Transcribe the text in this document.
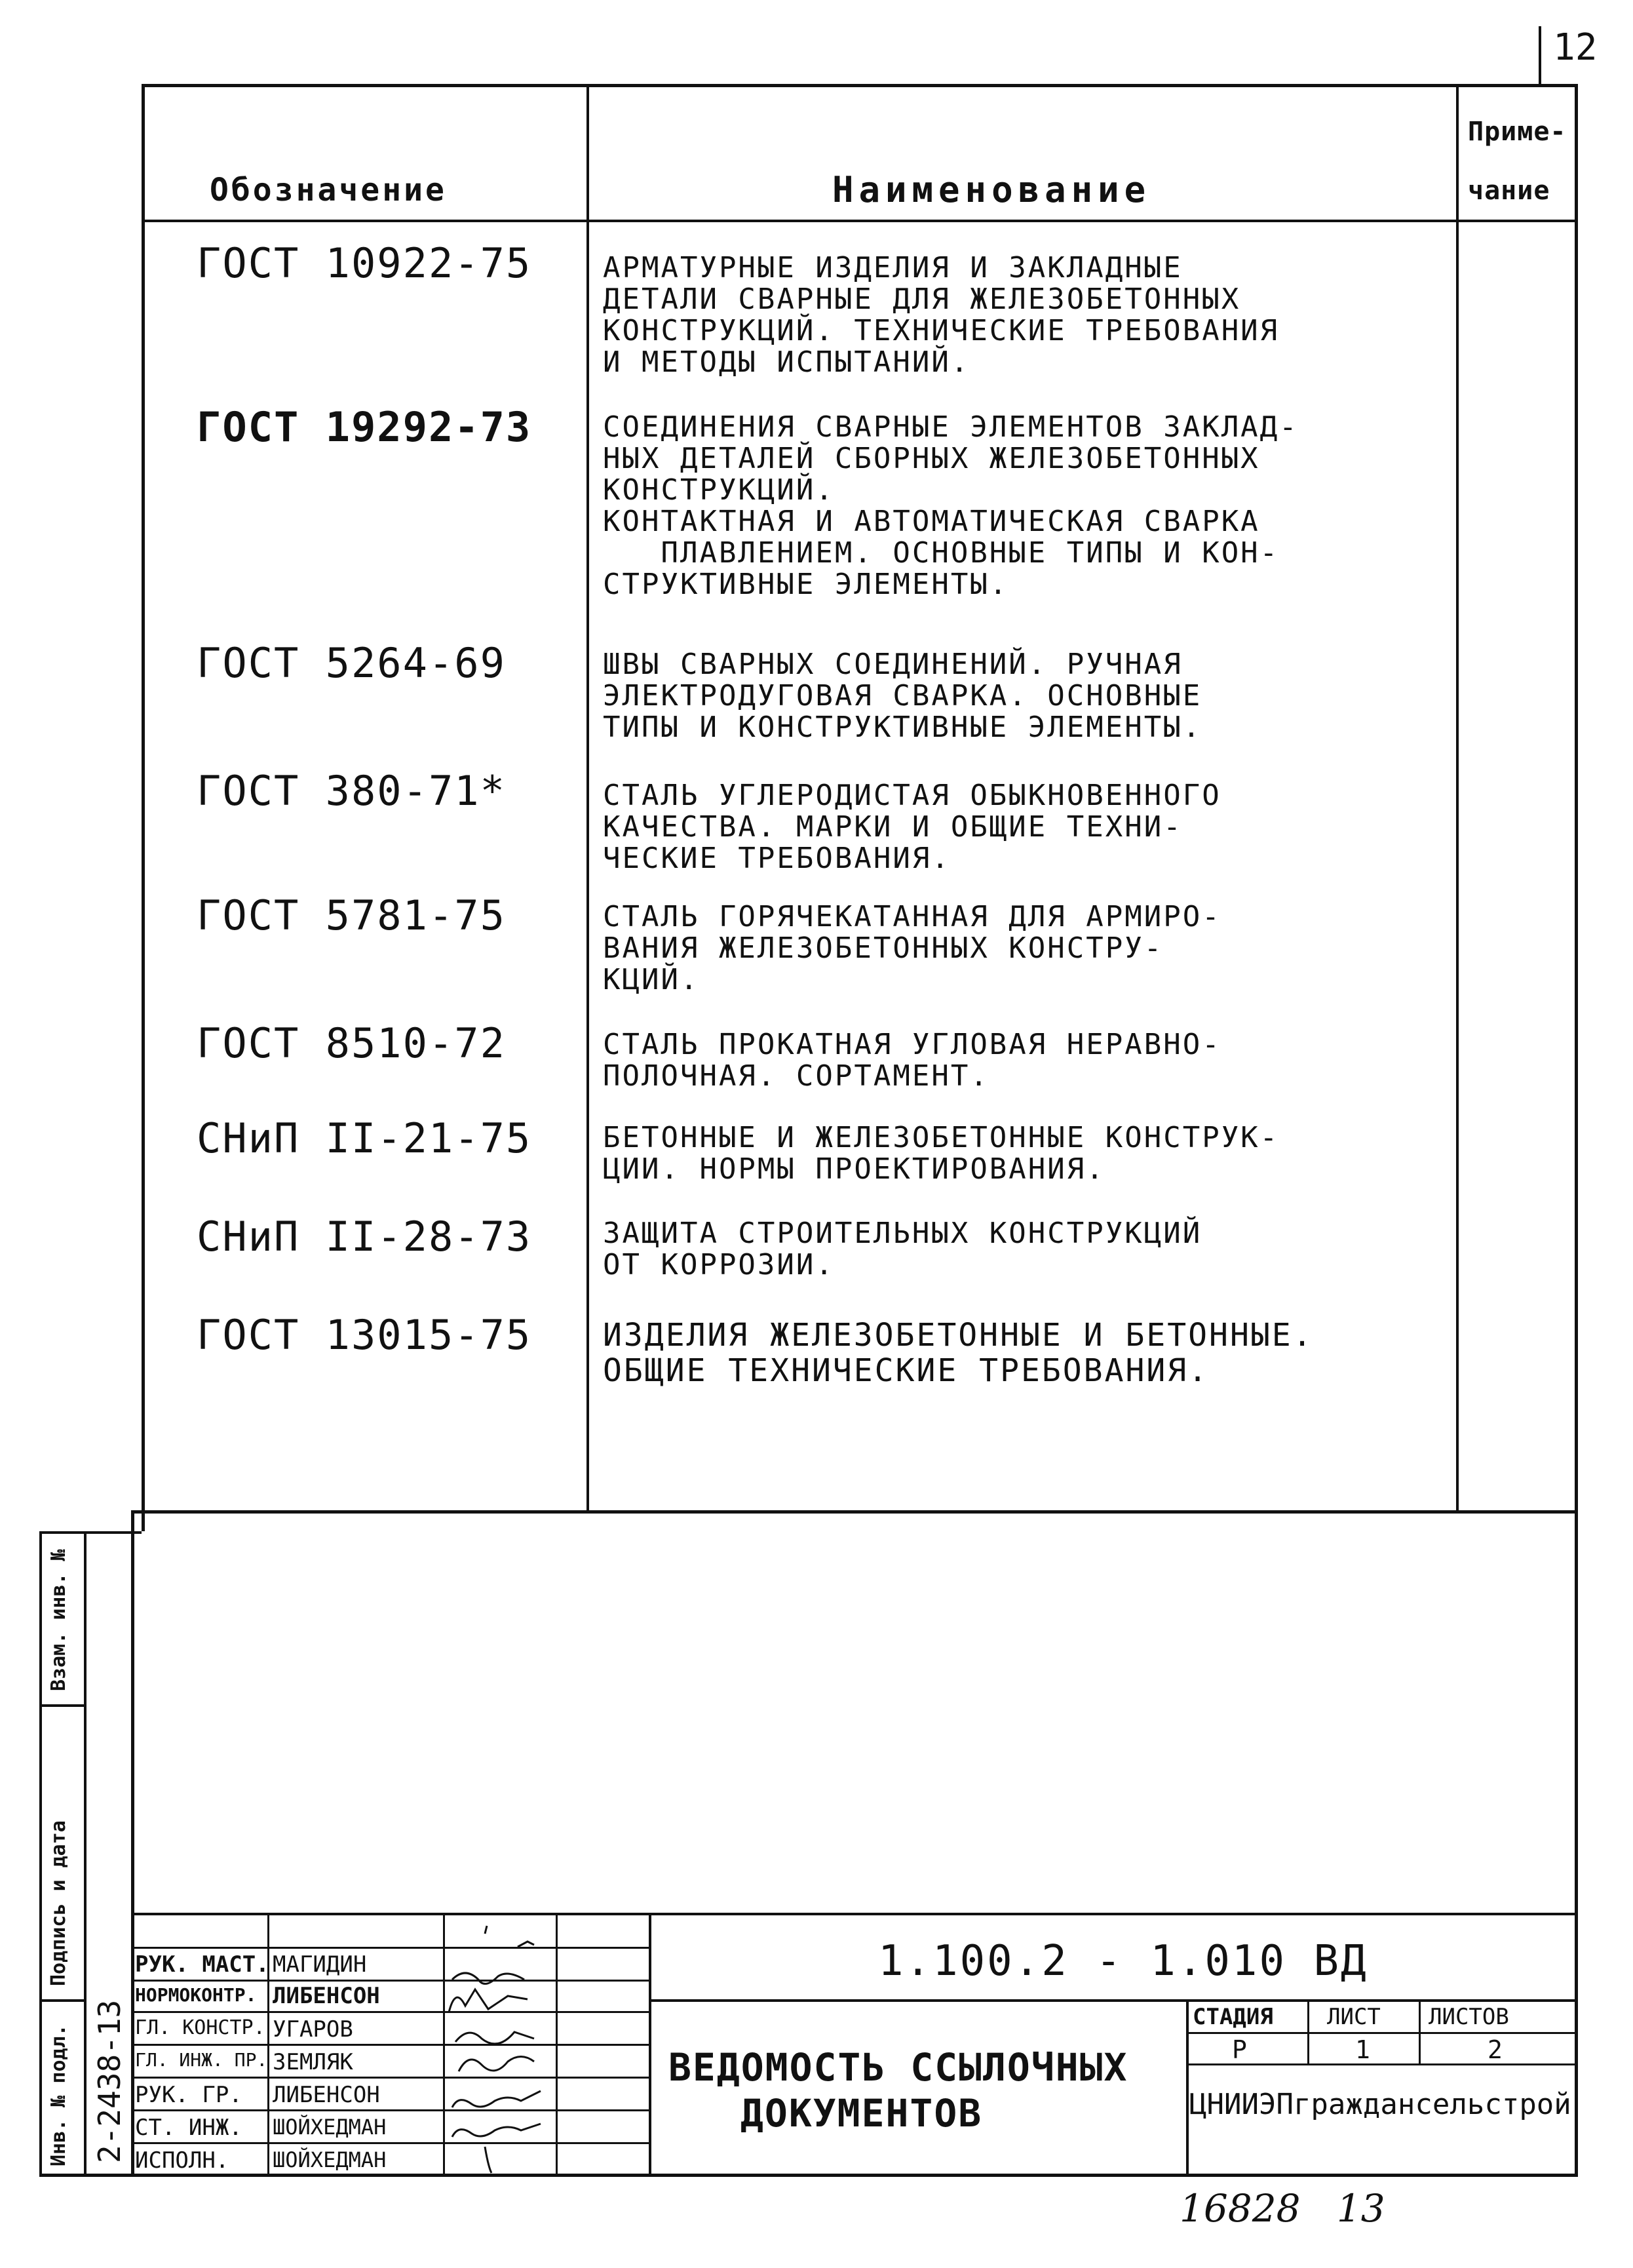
12
Обозначение	Наименование
Приме-
чание
ГОСТ 10922-75 АРМАТУРНЫЕ ИЗДЕЛИЯ И ЗАКЛАДНЫЕ
ДЕТАЛИ СВАРНЫЕ ДЛЯ ЖЕЛЕЗОБЕТОННЫХ
КОНСТРУКЦИЙ. ТЕХНИЧЕСКИЕ ТРЕБОВАНИЯ
И МЕТОДЫ ИСПЫТАНИЙ.
ГОСТ 19292-73 СОЕДИНЕНИЯ СВАРНЫЕ ЭЛЕМЕНТОВ ЗАКЛАД-
НЫХ ДЕТАЛЕЙ СБОРНЫХ ЖЕЛЕЗОБЕТОННЫХ
КОНСТРУКЦИЙ.
КОНТАКТНАЯ И АВТОМАТИЧЕСКАЯ СВАРКА
ПЛАВЛЕНИЕМ. ОСНОВНЫЕ ТИПЫ И КОН-
СТРУКТИВНЫЕ ЭЛЕМЕНТЫ.
ГОСТ 5264-69	ШВЫ СВАРНЫХ СОЕДИНЕНИЙ. РУЧНАЯ
ЭЛЕКТРОДУГОВАЯ СВАРКА. ОСНОВНЫЕ
ТИПЫ И КОНСТРУКТИВНЫЕ ЭЛЕМЕНТЫ.
ГОСТ 380-71*	СТАЛЬ УГЛЕРОДИСТАЯ ОБЫКНОВЕННОГО
КАЧЕСТВА. МАРКИ И ОБЩИЕ ТЕХНИ-
ЧЕСКИЕ ТРЕБОВАНИЯ.
ГОСТ 5781-75	СТАЛЬ ГОРЯЧЕКАТАННАЯ ДЛЯ АРМИРО-
ВАНИЯ ЖЕЛЕЗОБЕТОННЫХ КОНСТРУ-
КЦИЙ.
ГОСТ 8510-72	СТАЛЬ ПРОКАТНАЯ УГЛОВАЯ НЕРАВНО-
ПОЛОЧНАЯ. СОРТАМЕНТ.
СНиП II-21-75 БЕТОННЫЕ И ЖЕЛЕЗОБЕТОННЫЕ КОНСТРУК-
ЦИИ. НОРМЫ ПРОЕКТИРОВАНИЯ.
СНиП II-28-73 ЗАЩИТА СТРОИТЕЛЬНЫХ КОНСТРУКЦИЙ
ОТ КОРРОЗИИ.
ГОСТ 13015-75 ИЗДЕЛИЯ ЖЕЛЕЗОБЕТОННЫЕ И БЕТОННЫЕ.
ОБЩИЕ ТЕХНИЧЕСКИЕ ТРЕБОВАНИЯ.
Взам. инв. №
Подпись и дата
Инв. № подл. 2-2438-13
РУК. МАСТ. МАГИДИН
НОРМОКОНТР. ЛИБЕНСОН
ГЛ. КОНСТР. УГАРОВ
ГЛ. ИНЖ. ПР. ЗЕМЛЯК
РУК. ГР. ЛИБЕНСОН
СТ. ИНЖ. ШОЙХЕДМАН
ИСПОЛН. ШОЙХЕДМАН
1.100.2 - 1.010 ВД
ВЕДОМОСТЬ ССЫЛОЧНЫХ
ДОКУМЕНТОВ
СТАДИЯ ЛИСТ ЛИСТОВ
Р	1	2
ЦНИИЭПграждансельстрой
16828   13
